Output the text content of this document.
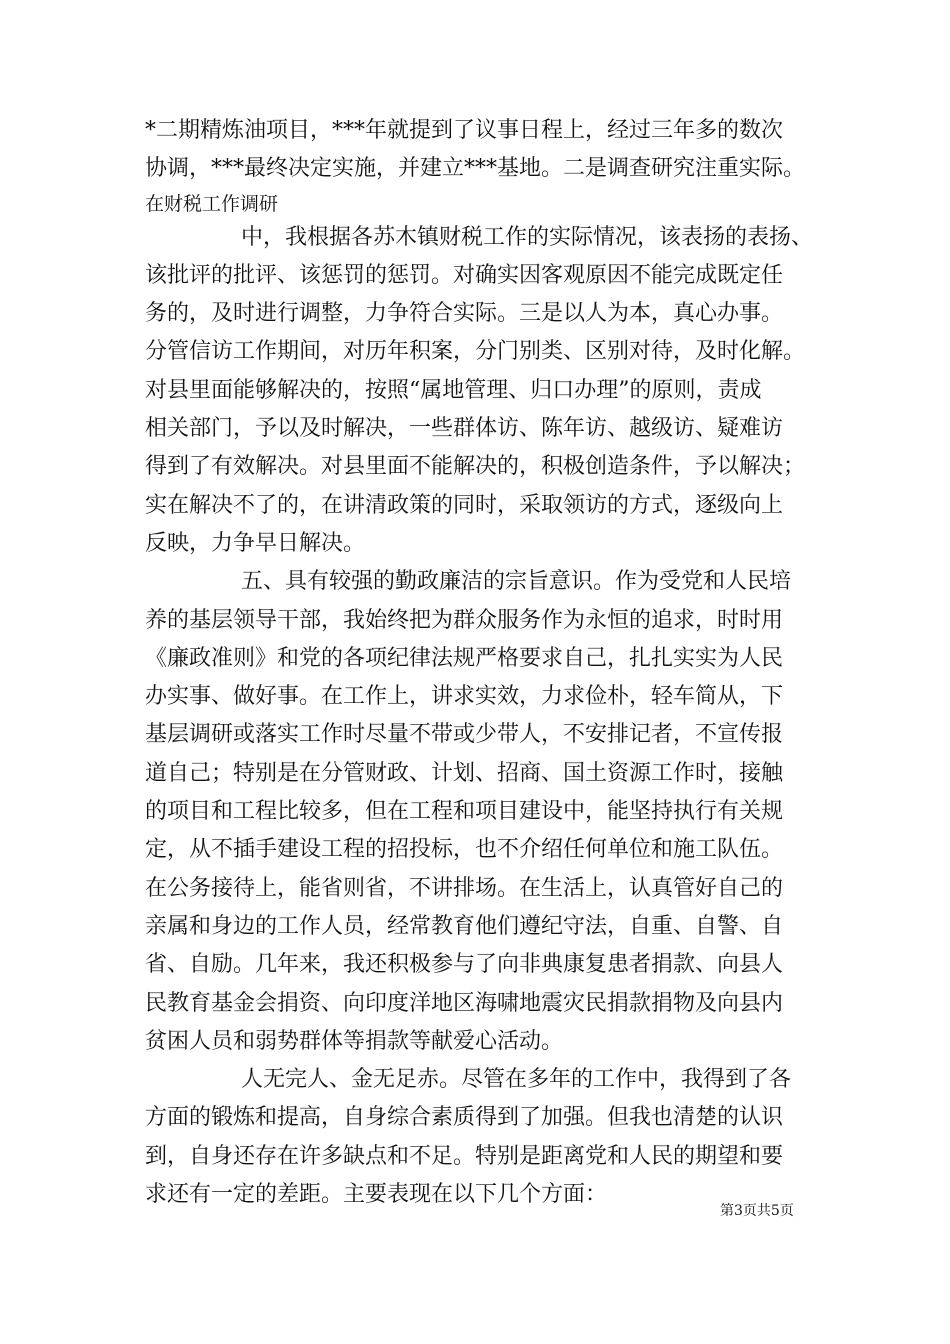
*二期精炼油项目，***年就提到了议事日程上，经过三年多的数次
协调，***最终决定实施，并建立***基地。二是调查研究注重实际。
在财税工作调研
中，我根据各苏木镇财税工作的实际情况，该表扬的表扬、
该批评的批评、该惩罚的惩罚。对确实因客观原因不能完成既定任
务的，及时进行调整，力争符合实际。三是以人为本，真心办事。
分管信访工作期间，对历年积案，分门别类、区别对待，及时化解。
对县里面能够解决的，按照“属地管理、归口办理”的原则，责成
相关部门，予以及时解决，一些群体访、陈年访、越级访、疑难访
得到了有效解决。对县里面不能解决的，积极创造条件，予以解决；
实在解决不了的，在讲清政策的同时，采取领访的方式，逐级向上
反映，力争早日解决。
五、具有较强的勤政廉洁的宗旨意识。作为受党和人民培
养的基层领导干部，我始终把为群众服务作为永恒的追求，时时用
《廉政准则》和党的各项纪律法规严格要求自己，扎扎实实为人民
办实事、做好事。在工作上，讲求实效，力求俭朴，轻车简从，下
基层调研或落实工作时尽量不带或少带人，不安排记者，不宣传报
道自己；特别是在分管财政、计划、招商、国土资源工作时，接触
的项目和工程比较多，但在工程和项目建设中，能坚持执行有关规
定，从不插手建设工程的招投标，也不介绍任何单位和施工队伍。
在公务接待上，能省则省，不讲排场。在生活上，认真管好自己的
亲属和身边的工作人员，经常教育他们遵纪守法，自重、自警、自
省、自励。几年来，我还积极参与了向非典康复患者捐款、向县人
民教育基金会捐资、向印度洋地区海啸地震灾民捐款捐物及向县内
贫困人员和弱势群体等捐款等献爱心活动。
人无完人、金无足赤。尽管在多年的工作中，我得到了各
方面的锻炼和提高，自身综合素质得到了加强。但我也清楚的认识
到，自身还存在许多缺点和不足。特别是距离党和人民的期望和要
求还有一定的差距。主要表现在以下几个方面：
第3页共5页
